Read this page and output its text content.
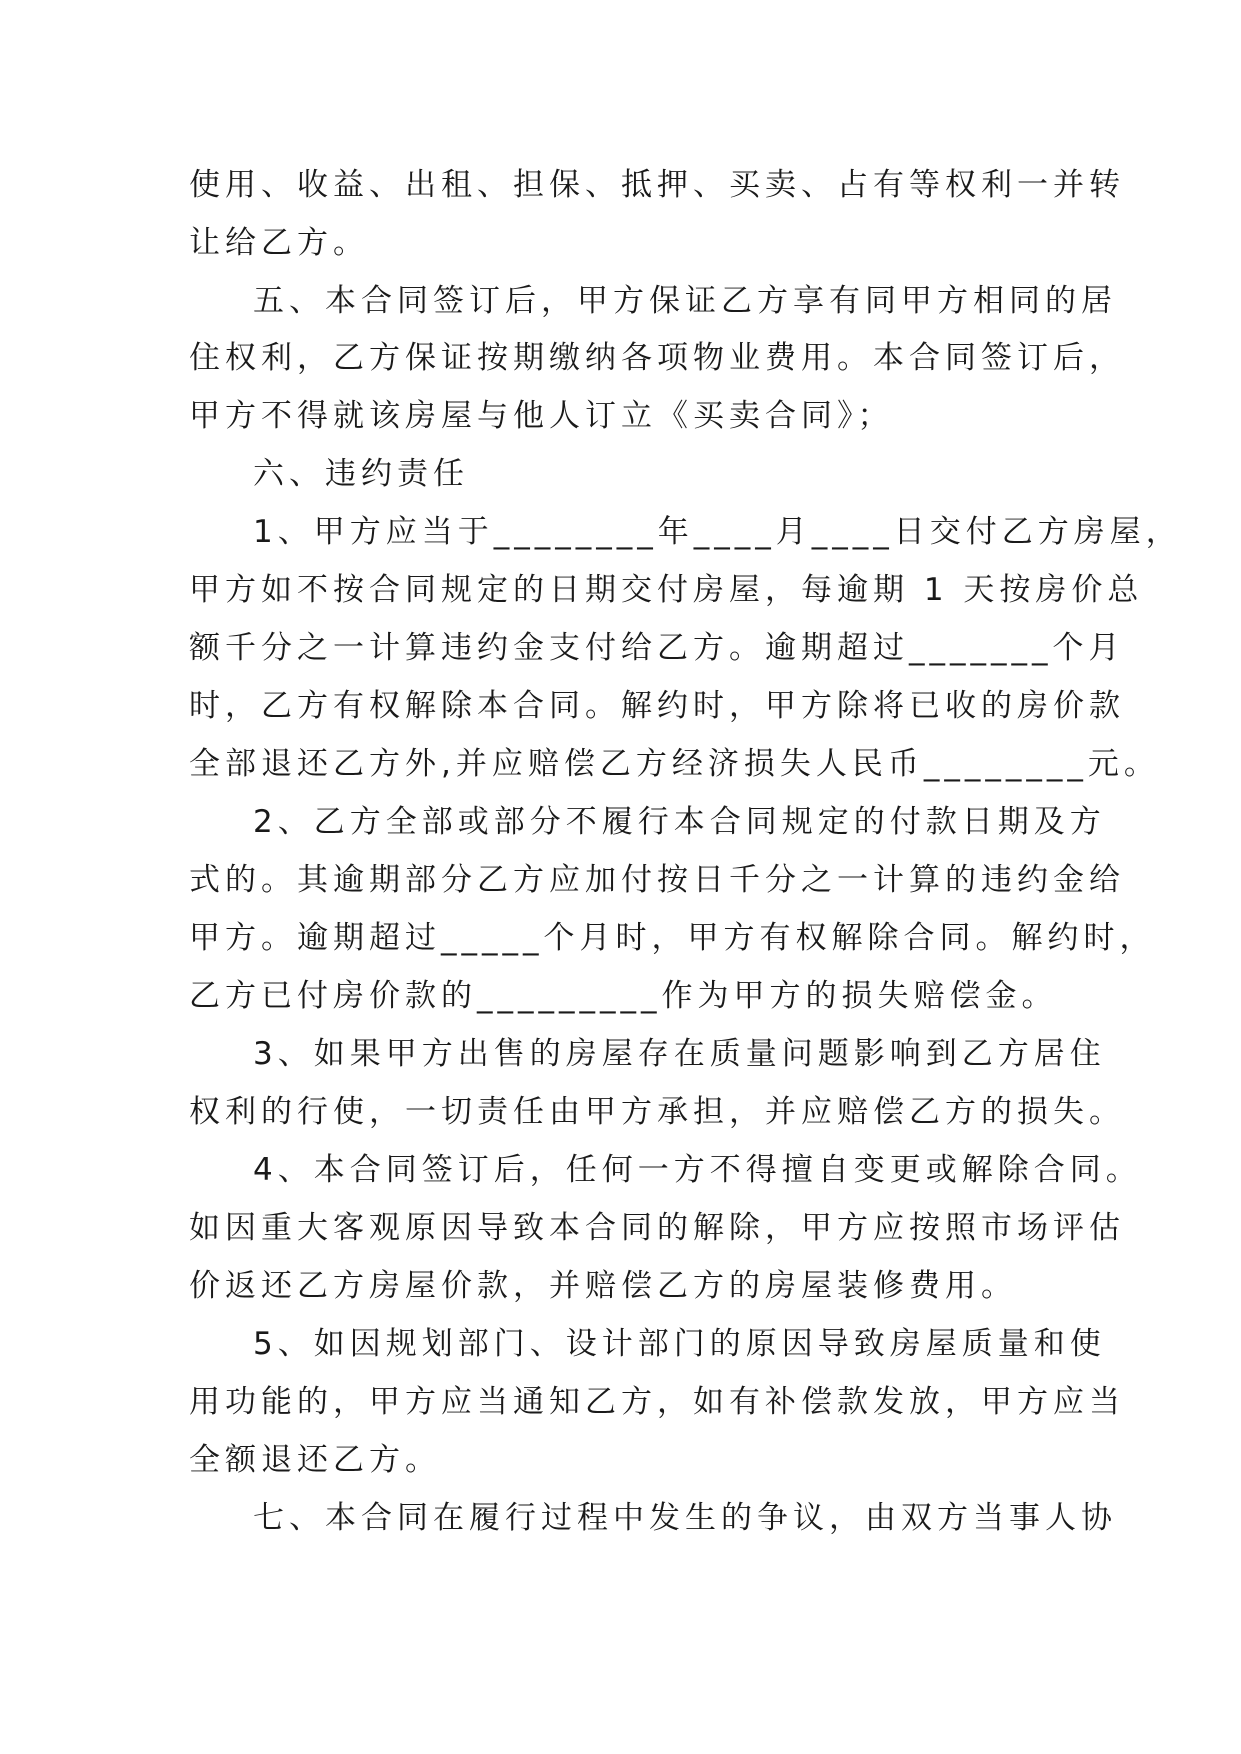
使用、收益、出租、担保、抵押、买卖、占有等权利一并转
让给乙方。
五、本合同签订后，甲方保证乙方享有同甲方相同的居
住权利，乙方保证按期缴纳各项物业费用。本合同签订后，
甲方不得就该房屋与他人订立《买卖合同》；
六、违约责任
1、甲方应当于________年____月____日交付乙方房屋，
甲方如不按合同规定的日期交付房屋，每逾期 1 天按房价总
额千分之一计算违约金支付给乙方。逾期超过_______个月
时，乙方有权解除本合同。解约时，甲方除将已收的房价款
全部退还乙方外,并应赔偿乙方经济损失人民币________元。
2、乙方全部或部分不履行本合同规定的付款日期及方
式的。其逾期部分乙方应加付按日千分之一计算的违约金给
甲方。逾期超过_____个月时，甲方有权解除合同。解约时，
乙方已付房价款的_________作为甲方的损失赔偿金。
3、如果甲方出售的房屋存在质量问题影响到乙方居住
权利的行使，一切责任由甲方承担，并应赔偿乙方的损失。
4、本合同签订后，任何一方不得擅自变更或解除合同。
如因重大客观原因导致本合同的解除，甲方应按照市场评估
价返还乙方房屋价款，并赔偿乙方的房屋装修费用。
5、如因规划部门、设计部门的原因导致房屋质量和使
用功能的，甲方应当通知乙方，如有补偿款发放，甲方应当
全额退还乙方。
七、本合同在履行过程中发生的争议，由双方当事人协
